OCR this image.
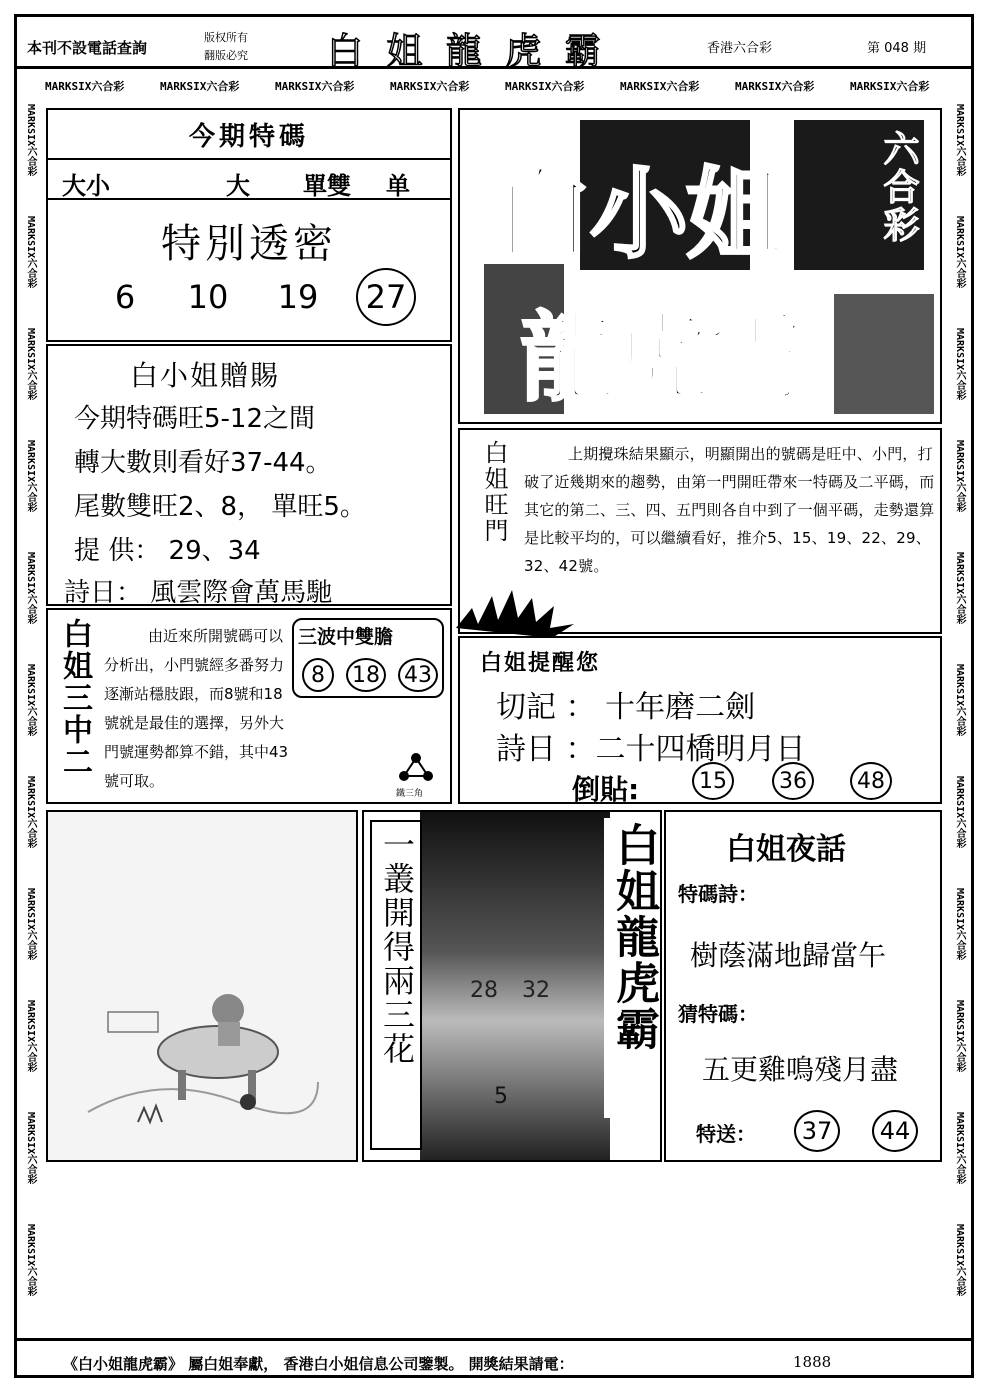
本刊不設電話查詢
版权所有
翻版必究 白 姐 龍 虎 霸	香港六合彩	第 048 期
MARKSIX六合彩	MARKSIX六合彩	MARKSIX六合彩	MARKSIX六合彩	MARKSIX六合彩	MARKSIX六合彩	MARKSIX六合彩	MARKSIX六合彩
MARKSIX六合彩
MARKSIX六合彩
MARKSIX六合彩
MARKSIX六合彩
MARKSIX六合彩
MARKSIX六合彩
MARKSIX六合彩
MARKSIX六合彩
MARKSIX六合彩
MARKSIX六合彩
MARKSIX六合彩
MARKSIX六合彩
MARKSIX六合彩
MARKSIX六合彩
MARKSIX六合彩
MARKSIX六合彩
MARKSIX六合彩
MARKSIX六合彩
MARKSIX六合彩
MARKSIX六合彩
MARKSIX六合彩
MARKSIX六合彩
今期特碼
大小	大 單雙 单
特別透密
6	10	19	27
白小姐贈賜
今期特碼旺5-12之間
轉大數則看好37-44。
尾數雙旺2、8， 單旺5。
提 供： 29、34
詩日： 風雲際會萬馬馳
白姐三中二	由近來所開號碼可以分析出，小門號經多番努力逐漸站穩肢跟，而8號和18號就是最佳的選擇，另外大門號運勢都算不錯，其中43號可取。
三波中雙膽
8	18 43
鐵三角
白小姐	六合彩
龍虎霸
白姐旺門	上期攪珠結果顯示，明顯開出的號碼是旺中、小門，打破了近幾期來的趨勢，由第一門開旺帶來一特碼及二平碼，而其它的第二、三、四、五門則各自中到了一個平碼，走勢還算是比較平均的，可以繼續看好，推介5、15、19、22、29、32、42號。
白姐提醒您
切記 ： 十年磨二劍
詩日 ：二十四橋明月日
倒貼:	15	36	48
一叢開得兩三花	白姐龍虎霸
28 32
5
白姐夜話
特碼詩：
樹蔭滿地歸當午
猜特碼：
五更雞鳴殘月盡
特送：	37	44
《白小姐龍虎霸》 屬白姐奉獻， 香港白小姐信息公司鑒製。 開獎結果請電：	1888
